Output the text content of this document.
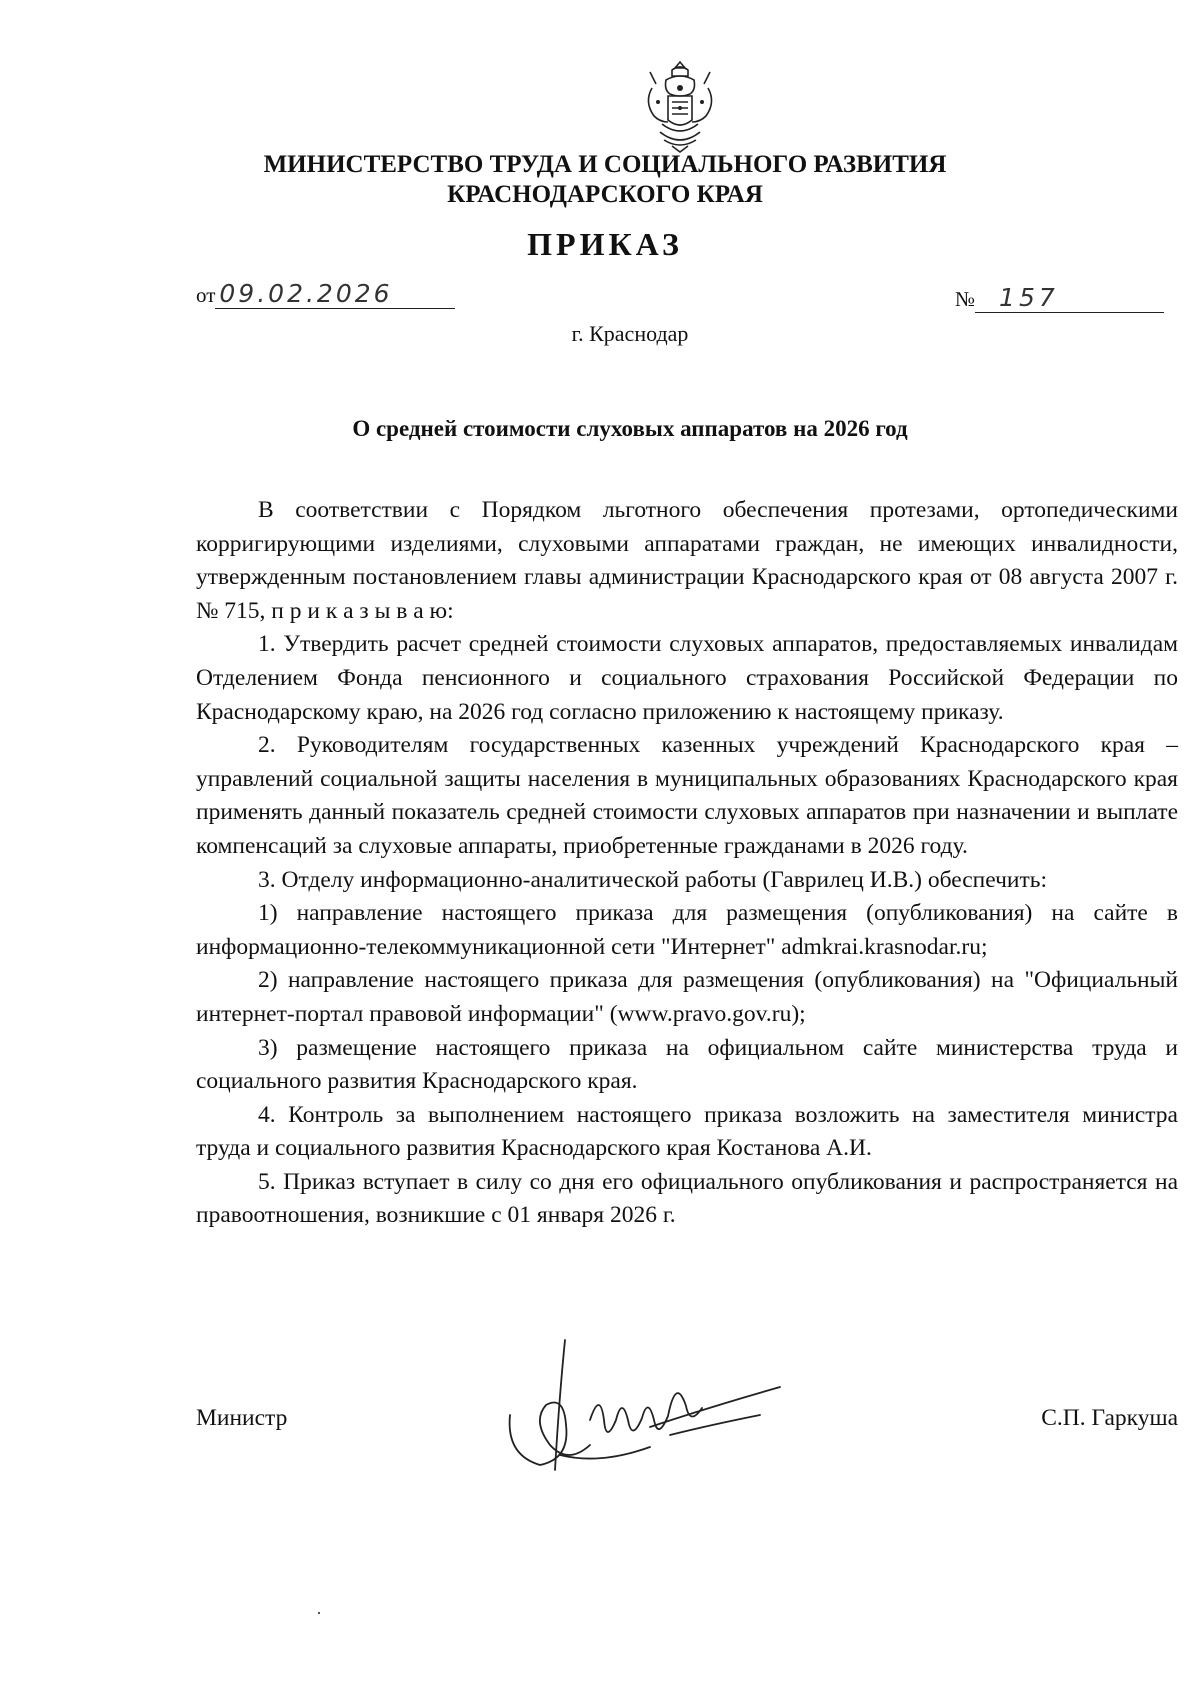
МИНИСТЕРСТВО ТРУДА И СОЦИАЛЬНОГО РАЗВИТИЯ
КРАСНОДАРСКОГО КРАЯ
ПРИКАЗ
от 09.02.2026	№ 157
г. Краснодар
О средней стоимости слуховых аппаратов на 2026 год

В соответствии с Порядком льготного обеспечения протезами, ортопедическими корригирующими изделиями, слуховыми аппаратами граждан, не имеющих инвалидности, утвержденным постановлением главы администрации Краснодарского края от 08 августа 2007 г. № 715, п р и к а з ы в а ю:

1. Утвердить расчет средней стоимости слуховых аппаратов, предоставляемых инвалидам Отделением Фонда пенсионного и социального страхования Российской Федерации по Краснодарскому краю, на 2026 год согласно приложению к настоящему приказу.

2. Руководителям государственных казенных учреждений Краснодарского края – управлений социальной защиты населения в муниципальных образованиях Краснодарского края применять данный показатель средней стоимости слуховых аппаратов при назначении и выплате компенсаций за слуховые аппараты, приобретенные гражданами в 2026 году.

3. Отделу информационно-аналитической работы (Гаврилец И.В.) обеспечить:

1) направление настоящего приказа для размещения (опубликования) на сайте в информационно-телекоммуникационной сети "Интернет" admkrai.krasnodar.ru;

2) направление настоящего приказа для размещения (опубликования) на "Официальный интернет-портал правовой информации" (www.pravo.gov.ru);

3) размещение настоящего приказа на официальном сайте министерства труда и социального развития Краснодарского края.

4. Контроль за выполнением настоящего приказа возложить на заместителя министра труда и социального развития Краснодарского края Костанова А.И.

5. Приказ вступает в силу со дня его официального опубликования и распространяется на правоотношения, возникшие с 01 января 2026 г.

Министр	С.П. Гаркуша
